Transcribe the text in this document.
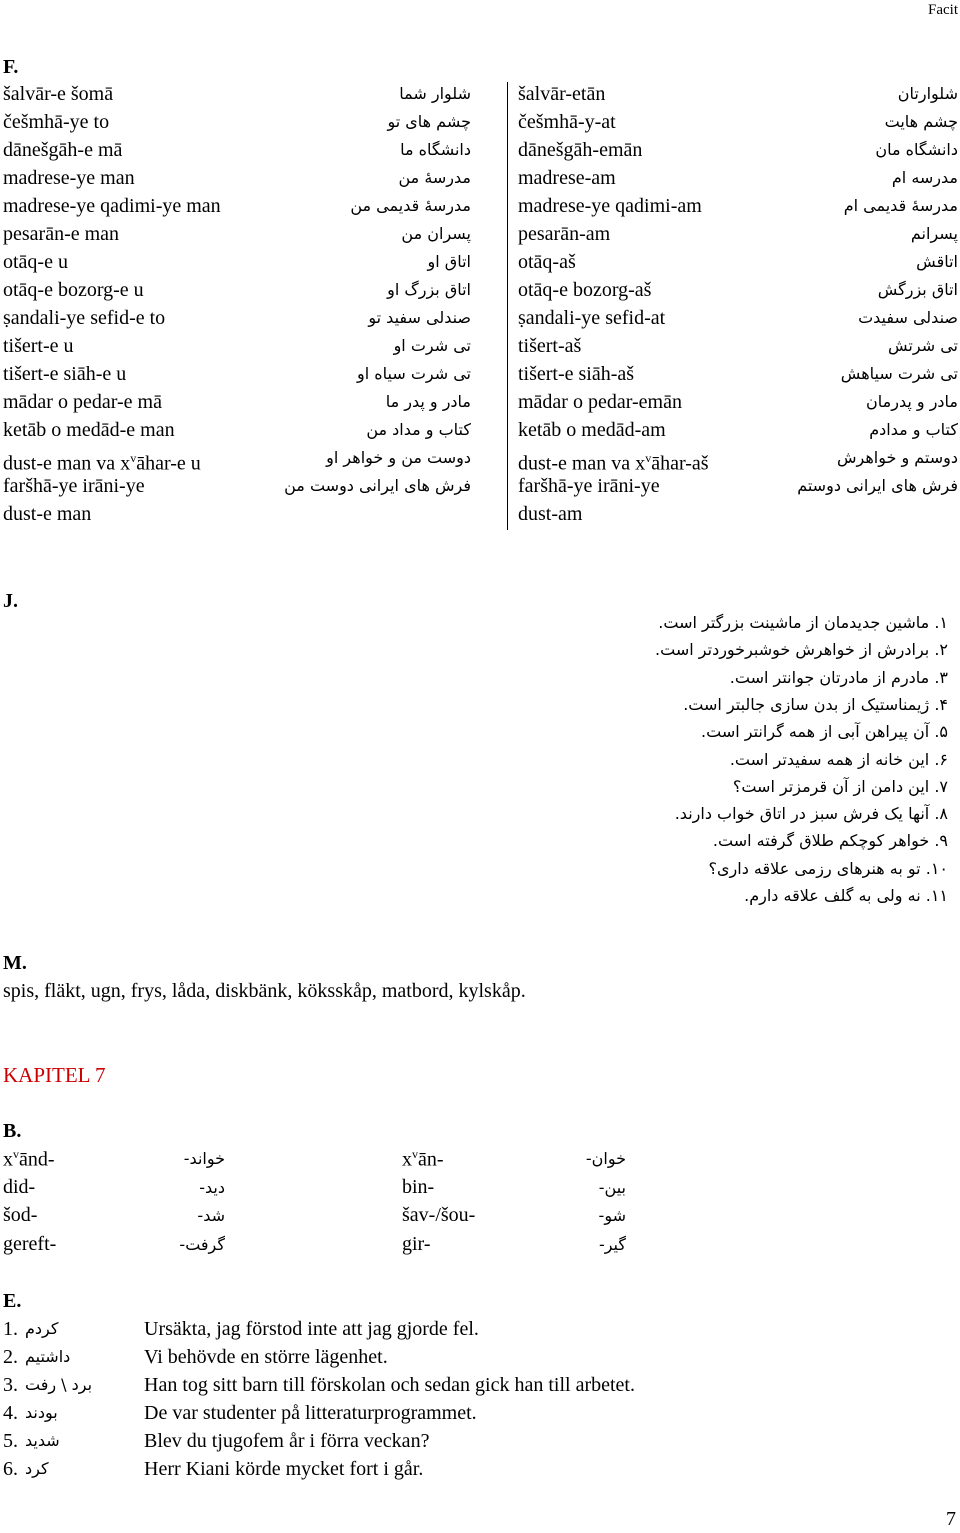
Facit
F.
šalvār-e šomā	شلوار شما
češmhā-ye to	چشم های تو
dānešgāh-e mā	دانشگاه ما
madrese-ye man	مدرسهٔ من
madrese-ye qadimi-ye man	مدرسهٔ قدیمی من
pesarān-e man	پسران من
otāq-e u	اتاق او
otāq-e bozorg-e u	اتاق بزرگ او
ṣandali-ye sefid-e to	صندلی سفید تو
tišert-e u	تی شرت او
tišert-e siāh-e u	تی شرت سیاه او
mādar o pedar-e mā	مادر و پدر ما
ketāb o medād-e man	کتاب و مداد من
dust-e man va $x^vāhar-e$ u	دوست من و خواهر او
faršhā-ye irāni-ye	فرش های ایرانی دوست من
dust-e man
šalvār-etān	شلوارتان
češmhā-y-at	چشم هایت
dānešgāh-emān	دانشگاه مان
madrese-am	مدرسه ام
madrese-ye qadimi-am	مدرسهٔ قدیمی ام
pesarān-am	پسرانم
otāq-aš	اتاقش
otāq-e bozorg-aš	اتاق بزرگش
ṣandali-ye sefid-at	صندلی سفیدت
tišert-aš	تی شرتش
tišert-e siāh-aš	تی شرت سیاهش
mādar o pedar-emān	مادر و پدرمان
ketāb o medād-am	کتاب و مدادم
dust-e man va $x^vāhar-aš$	دوستم و خواهرش
faršhā-ye irāni-ye	فرش های ایرانی دوستم
dust-am
J.
۱. ماشین جدیدمان از ماشینت بزرگتر است.
۲. برادرش از خواهرش خوشبرخوردتر است.
۳. مادرم از مادرتان جوانتر است.
۴. ژیمناستیک از بدن سازی جالبتر است.
۵. آن پیراهن آبی از همه گرانتر است.
۶. این خانه از همه سفیدتر است.
۷. این دامن از آن قرمزتر است؟
۸. آنها یک فرش سبز در اتاق خواب دارند.
۹. خواهر کوچکم طلاق گرفته است.
۱۰. تو به هنرهای رزمی علاقه داری؟
۱۱. نه ولی به گلف علاقه دارم.
M.
spis, fläkt, ugn, frys, låda, diskbänk, köksskåp, matbord, kylskåp.
KAPITEL 7
B.
$x^vānd-$	خواند-	$x^vān-$	خوان-
did-	دید-	bin-	بین-
šod-	شد-	šav-/šou-	شو-
gereft-	گرفت-	gir-	گیر-
E.
1. کردم	Ursäkta, jag förstod inte att jag gjorde fel.
2. داشتیم	Vi behövde en större lägenhet.
3. برد \ رفت	Han tog sitt barn till förskolan och sedan gick han till arbetet.
4. بودند	De var studenter på litteraturprogrammet.
5. شدید	Blev du tjugofem år i förra veckan?
6. کرد	Herr Kiani körde mycket fort i går.
7
